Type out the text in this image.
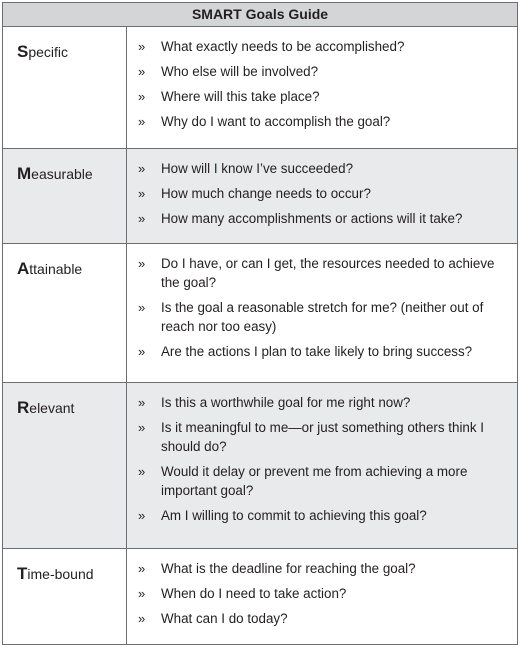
SMART Goals Guide
Specific	»	What exactly needs to be accomplished?
»	Who else will be involved?
»	Where will this take place?
»	Why do I want to accomplish the goal?
Measurable	»	How will I know I’ve succeeded?
»	How much change needs to occur?
»	How many accomplishments or actions will it take?
Attainable	»	Do I have, or can I get, the resources needed to achieve the goal?
»	Is the goal a reasonable stretch for me? (neither out of reach nor too easy)
»	Are the actions I plan to take likely to bring success?
Relevant	»	Is this a worthwhile goal for me right now?
»	Is it meaningful to me—or just something others think I should do?
»	Would it delay or prevent me from achieving a more important goal?
»	Am I willing to commit to achieving this goal?
Time-bound	»	What is the deadline for reaching the goal?
»	When do I need to take action?
»	What can I do today?
